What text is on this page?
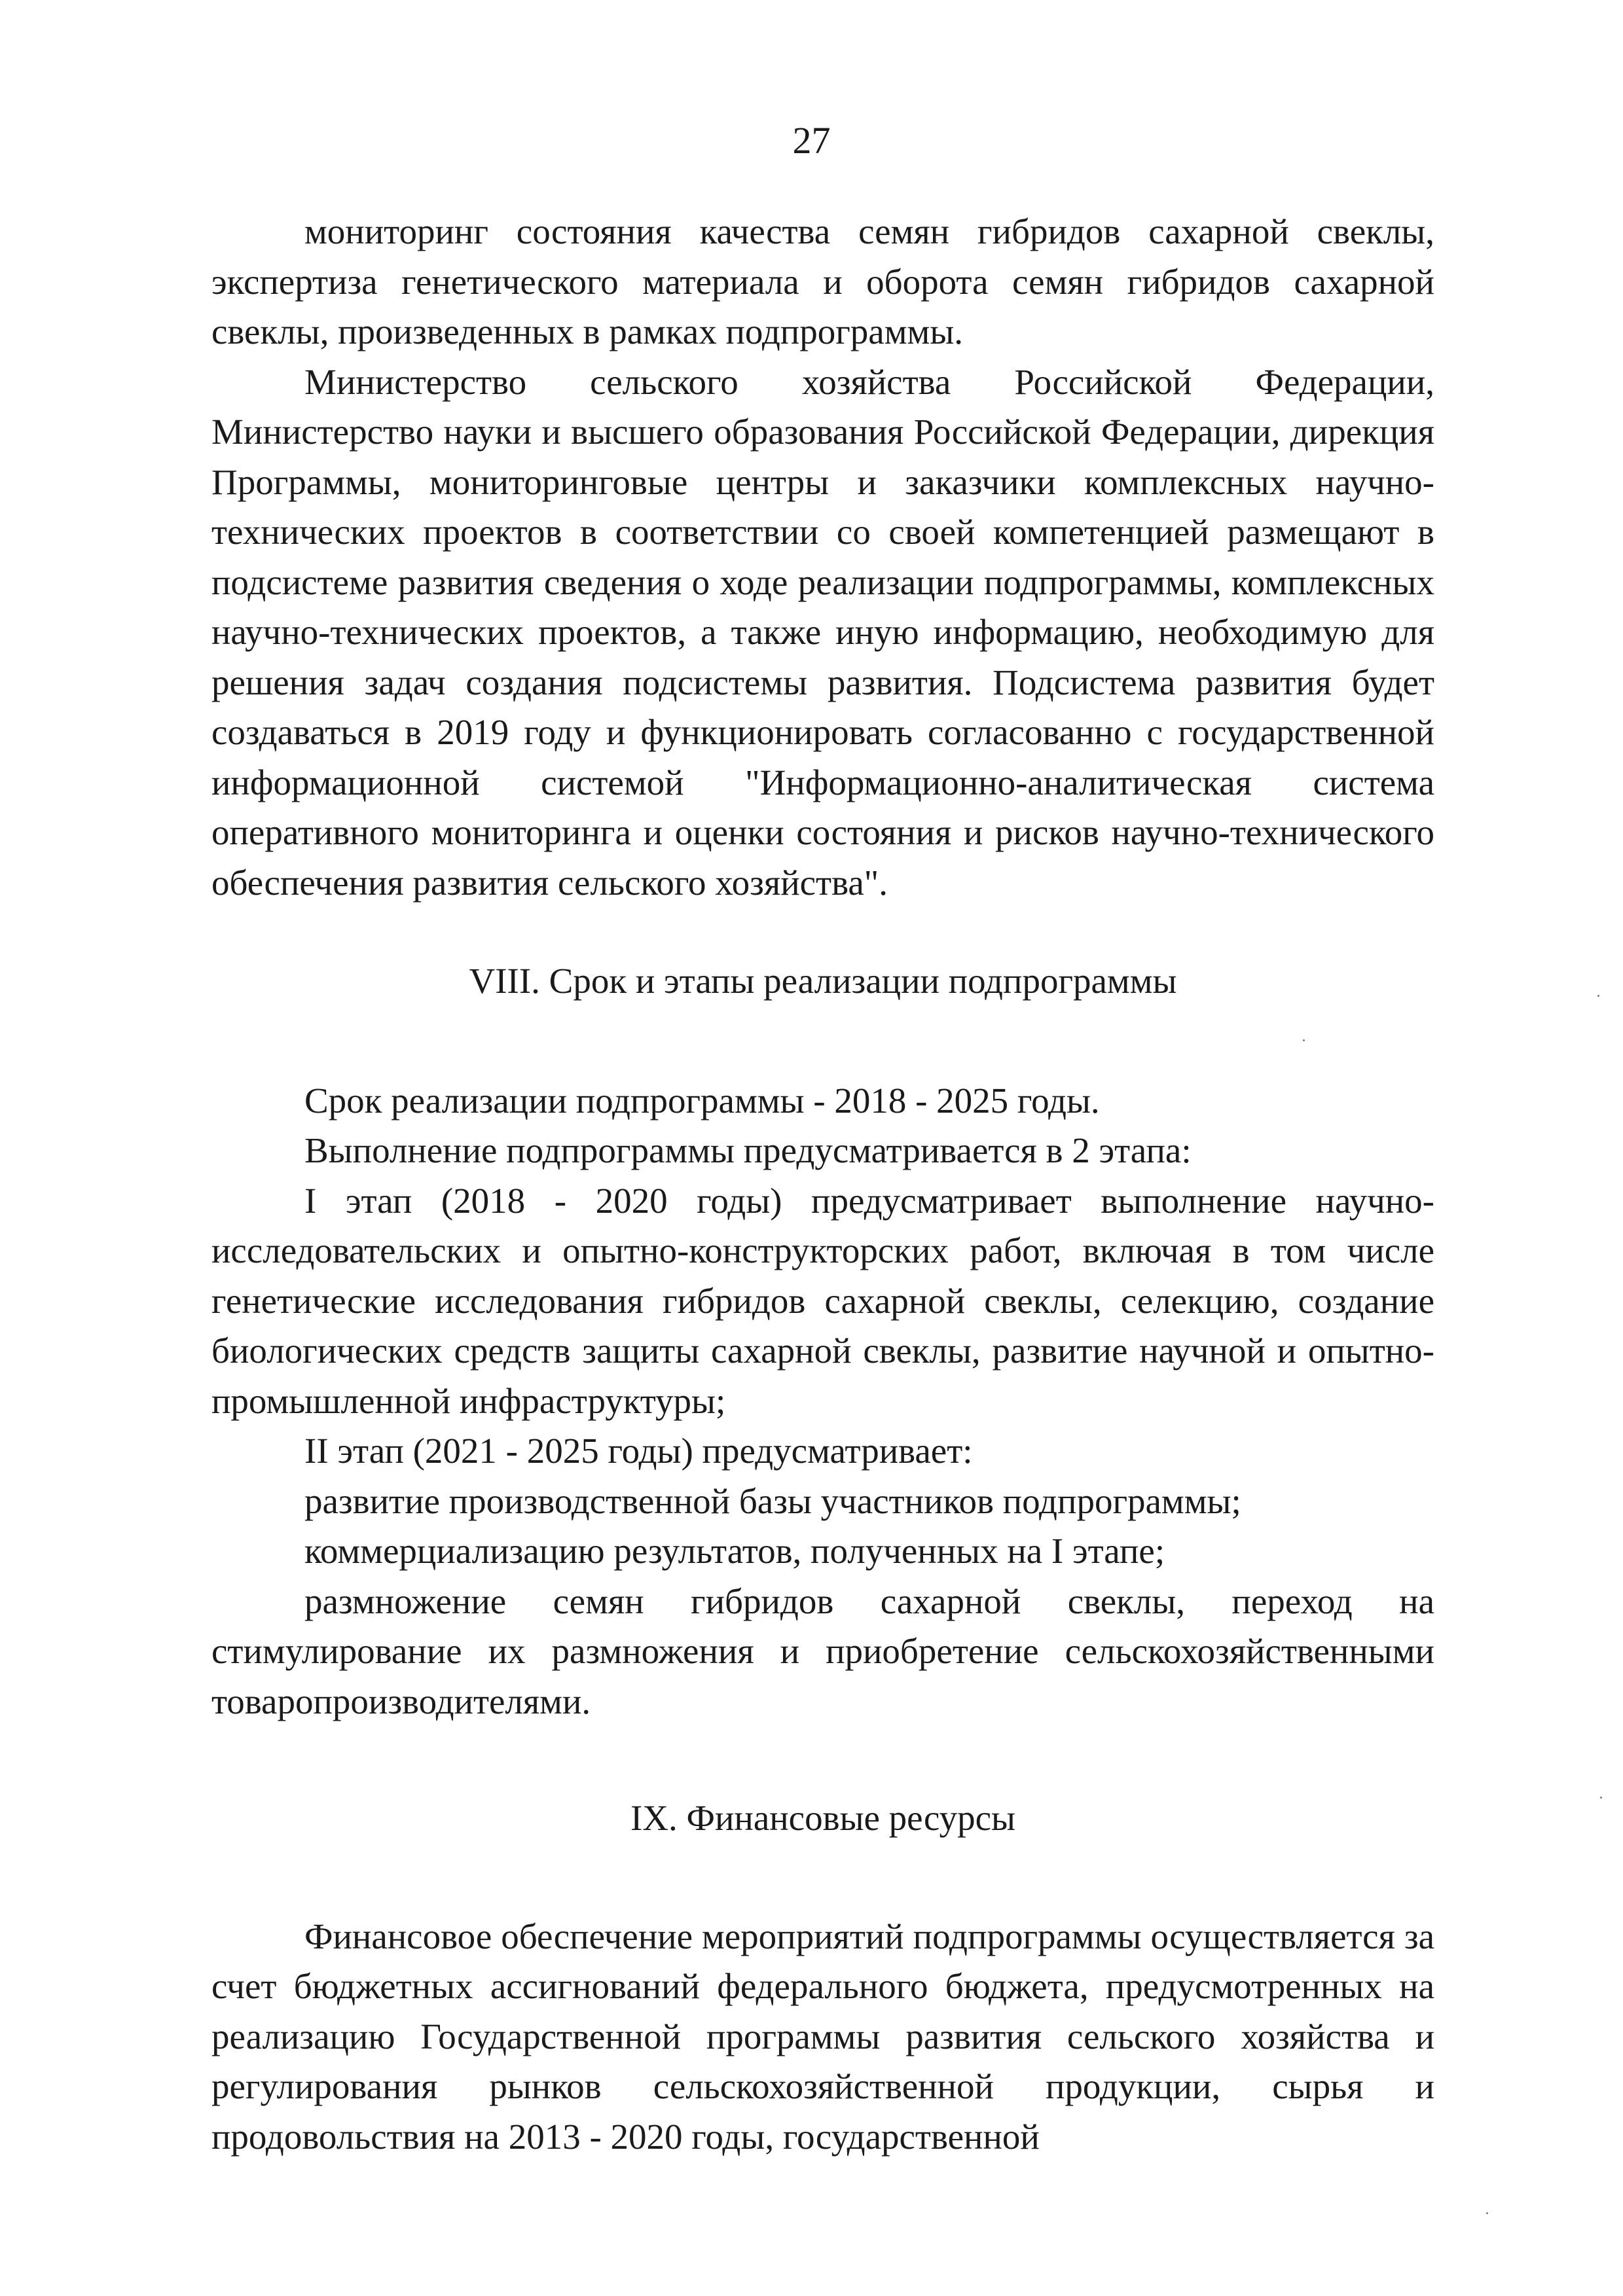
27

мониторинг состояния качества семян гибридов сахарной свеклы, экспертиза генетического материала и оборота семян гибридов сахарной свеклы, произведенных в рамках подпрограммы.

Министерство сельского хозяйства Российской Федерации, Министерство науки и высшего образования Российской Федерации, дирекция Программы, мониторинговые центры и заказчики комплексных научно-технических проектов в соответствии со своей компетенцией размещают в подсистеме развития сведения о ходе реализации подпрограммы, комплексных научно-технических проектов, а также иную информацию, необходимую для решения задач создания подсистемы развития. Подсистема развития будет создаваться в 2019 году и функционировать согласованно с государственной информационной системой "Информационно-аналитическая система оперативного мониторинга и оценки состояния и рисков научно-технического обеспечения развития сельского хозяйства".

VIII. Срок и этапы реализации подпрограммы

Срок реализации подпрограммы - 2018 - 2025 годы.

Выполнение подпрограммы предусматривается в 2 этапа:

I этап (2018 - 2020 годы) предусматривает выполнение научно-исследовательских и опытно-конструкторских работ, включая в том числе генетические исследования гибридов сахарной свеклы, селекцию, создание биологических средств защиты сахарной свеклы, развитие научной и опытно-промышленной инфраструктуры;

II этап (2021 - 2025 годы) предусматривает:

развитие производственной базы участников подпрограммы;

коммерциализацию результатов, полученных на I этапе;

размножение семян гибридов сахарной свеклы, переход на стимулирование их размножения и приобретение сельскохозяйственными товаропроизводителями.

IX. Финансовые ресурсы

Финансовое обеспечение мероприятий подпрограммы осуществляется за счет бюджетных ассигнований федерального бюджета, предусмотренных на реализацию Государственной программы развития сельского хозяйства и регулирования рынков сельскохозяйственной продукции, сырья и продовольствия на 2013 - 2020 годы, государственной
